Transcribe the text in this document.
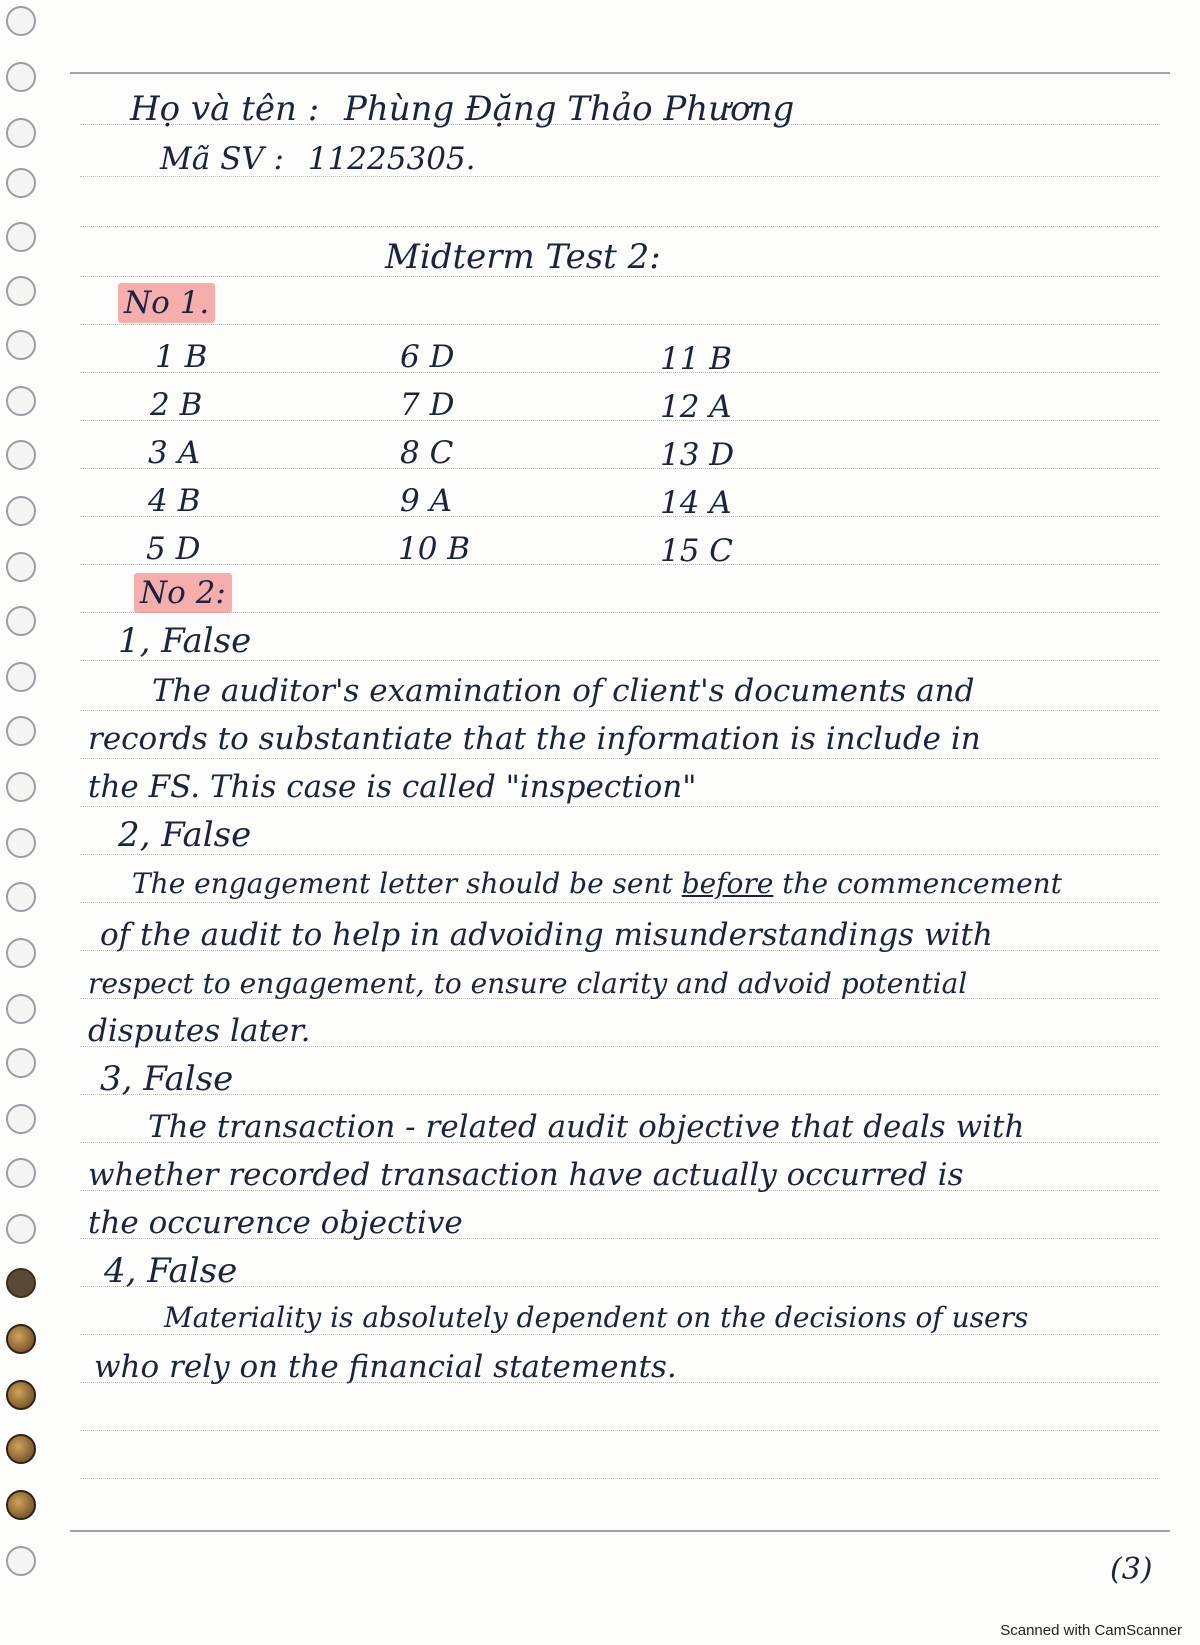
Họ và tên : Phùng Đặng Thảo Phương
Mã SV : 11225305.
Midterm Test 2:
No 1.
1 B
2 B
3 A
4 B
5 D
6 D
7 D
8 C
9 A
10 B
11 B
12 A
13 D
14 A
15 C
No 2:
1, False
The auditor's examination of client's documents and
records to substantiate that the information is include in
the FS. This case is called "inspection"
2, False
The engagement letter should be sent before the commencement
of the audit to help in advoiding misunderstandings with
respect to engagement, to ensure clarity and advoid potential
disputes later.
3, False
The transaction - related audit objective that deals with
whether recorded transaction have actually occurred is
the occurence objective
4, False
Materiality is absolutely dependent on the decisions of users
who rely on the financial statements.
(3)
Scanned with CamScanner
